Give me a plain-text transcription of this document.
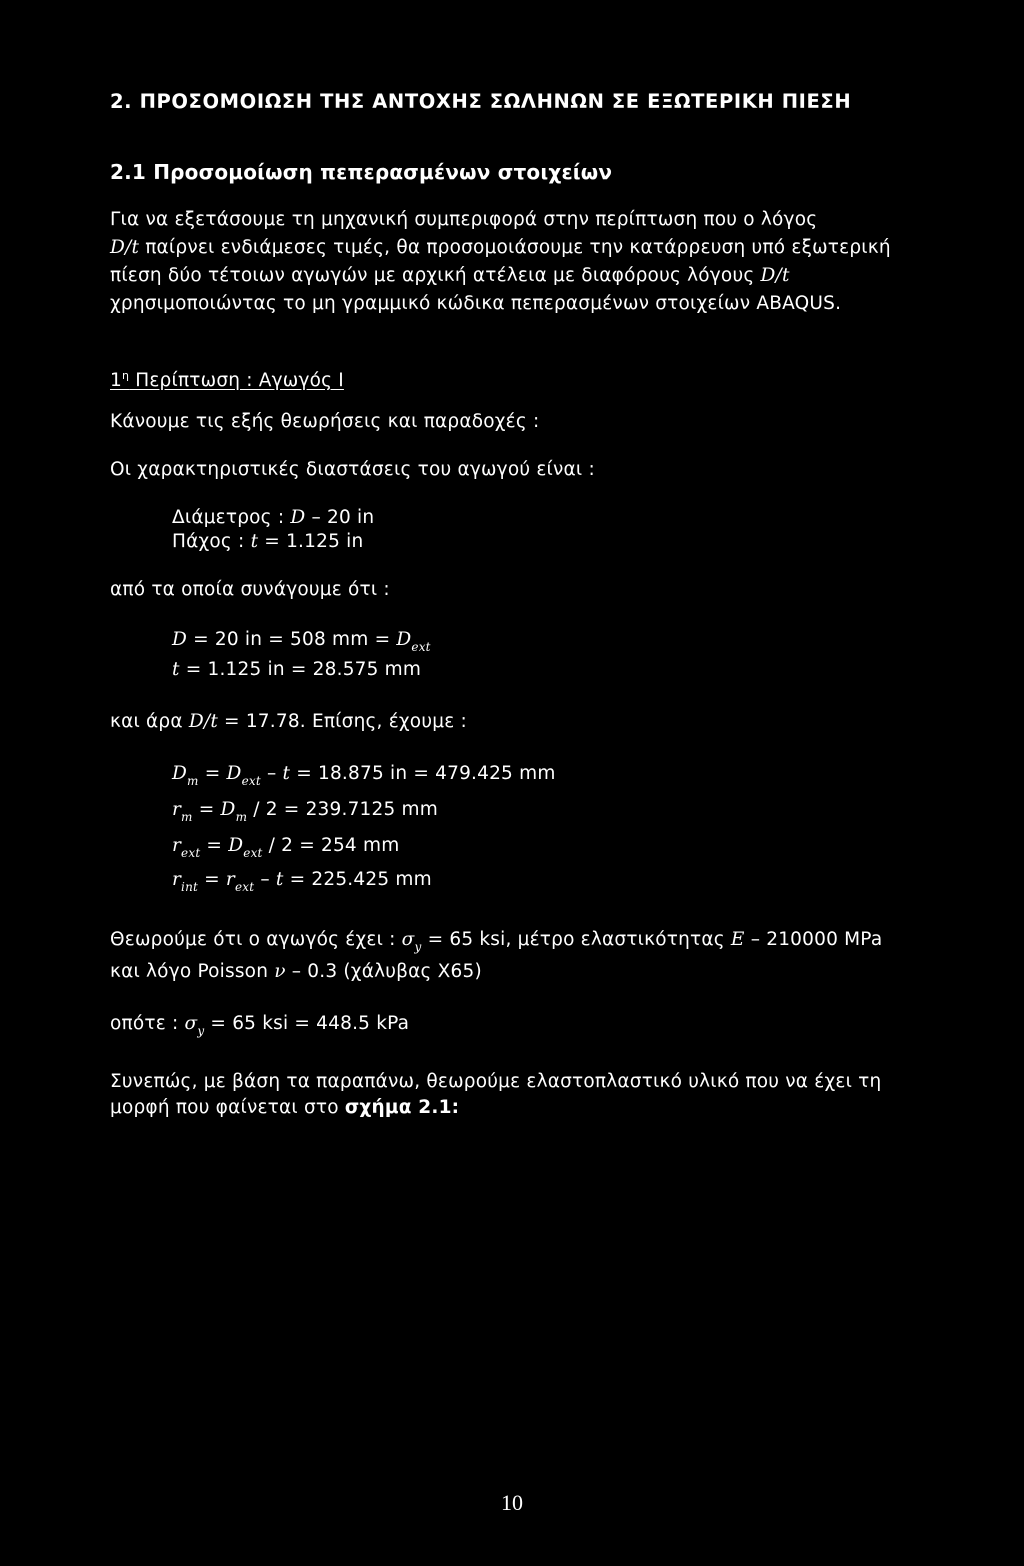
2. ΠΡΟΣΟΜΟΙΩΣΗ ΤΗΣ ΑΝΤΟΧΗΣ ΣΩΛΗΝΩΝ ΣΕ ΕΞΩΤΕΡΙΚΗ ΠΙΕΣΗ
2.1 Προσομοίωση πεπερασμένων στοιχείων
Για να εξετάσουμε τη μηχανική συμπεριφορά στην περίπτωση που ο λόγος
D/t παίρνει ενδιάμεσες τιμές, θα προσομοιάσουμε την κατάρρευση υπό εξωτερική
πίεση δύο τέτοιων αγωγών με αρχική ατέλεια με διαφόρους λόγους D/t
χρησιμοποιώντας το μη γραμμικό κώδικα πεπερασμένων στοιχείων ABAQUS.
$1^\eta$ Περίπτωση : Αγωγός Ι
Κάνουμε τις εξής θεωρήσεις και παραδοχές :
Οι χαρακτηριστικές διαστάσεις του αγωγού είναι :
Διάμετρος : D – 20 in
Πάχος : t = 1.125 in
από τα οποία συνάγουμε ότι :
D = 20 in = 508 mm = $D_{ext}$
t = 1.125 in = 28.575 mm
και άρα D/t = 17.78. Επίσης, έχουμε :
$D_m = D_{ext} - t = 18.875$ in = 479.425 mm
$r_m = D_m / 2 = 239.7125$ mm
$r_{ext} = D_{ext} / 2 = 254$ mm
$r_{int} = r_{ext} - t = 225.425$ mm
Θεωρούμε ότι ο αγωγός έχει : $\sigma_y = 65$ ksi, μέτρο ελαστικότητας E – 210000 MPa
και λόγο Poisson ν – 0.3 (χάλυβας Χ65)
οπότε : $\sigma_y = 65$ ksi = 448.5 kPa
Συνεπώς, με βάση τα παραπάνω, θεωρούμε ελαστοπλαστικό υλικό που να έχει τη
μορφή που φαίνεται στο σχήμα 2.1:
10
